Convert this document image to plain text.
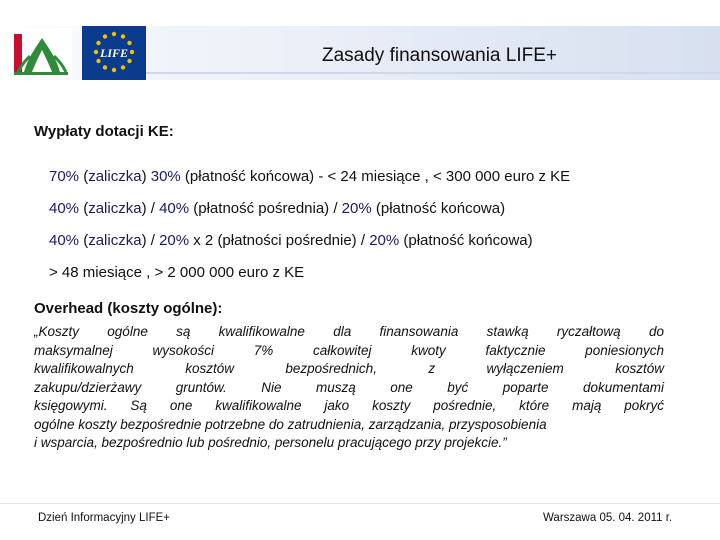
LIFE	Zasady finansowania LIFE+
Wypłaty dotacji KE:
70% (zaliczka) 30% (płatność końcowa) - < 24 miesiące , < 300 000 euro z KE
40% (zaliczka) / 40% (płatność pośrednia) / 20% (płatność końcowa)
40% (zaliczka) / 20% x 2 (płatności pośrednie) / 20% (płatność końcowa)
> 48 miesiące , > 2 000 000 euro z KE
Overhead (koszty ogólne):
„Koszty ogólne są kwalifikowalne dla finansowania stawką ryczałtową do
maksymalnej wysokości 7% całkowitej kwoty faktycznie poniesionych
kwalifikowalnych kosztów bezpośrednich, z wyłączeniem kosztów
zakupu/dzierżawy gruntów. Nie muszą one być poparte dokumentami
księgowymi. Są one kwalifikowalne jako koszty pośrednie, które mają pokryć
ogólne koszty bezpośrednie potrzebne do zatrudnienia, zarządzania, przysposobienia
i wsparcia, bezpośrednio lub pośrednio, personelu pracującego przy projekcie.”
Dzień Informacyjny LIFE+	Warszawa 05. 04. 2011 r.
